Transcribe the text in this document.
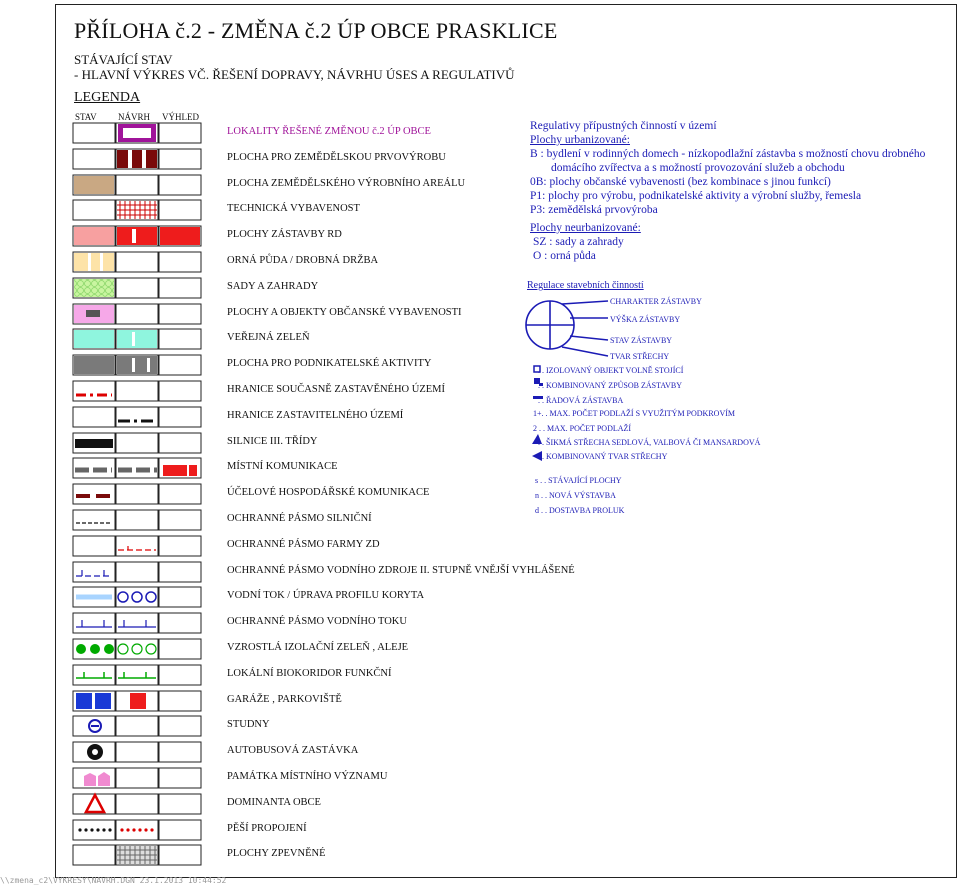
PŘÍLOHA č.2 - ZMĚNA č.2 ÚP OBCE PRASKLICE
STÁVAJÍCÍ STAV
- HLAVNÍ VÝKRES VČ. ŘEŠENÍ DOPRAVY, NÁVRHU ÚSES A REGULATIVŮ
LEGENDA
STAV NÁVRH VÝHLED
LOKALITY ŘEŠENÉ ZMĚNOU č.2 ÚP OBCE
PLOCHA PRO ZEMĚDĚLSKOU PRVOVÝROBU
PLOCHA ZEMĚDĚLSKÉHO VÝROBNÍHO AREÁLU
TECHNICKÁ VYBAVENOST
PLOCHY ZÁSTAVBY RD
ORNÁ PŮDA / DROBNÁ DRŽBA
SADY A ZAHRADY
PLOCHY A OBJEKTY OBČANSKÉ VYBAVENOSTI
VEŘEJNÁ ZELEŇ
PLOCHA PRO PODNIKATELSKÉ AKTIVITY
HRANICE SOUČASNĚ ZASTAVĚNÉHO ÚZEMÍ
HRANICE ZASTAVITELNÉHO ÚZEMÍ
SILNICE III. TŘÍDY
MÍSTNÍ KOMUNIKACE
ÚČELOVÉ HOSPODÁŘSKÉ KOMUNIKACE
OCHRANNÉ PÁSMO SILNIČNÍ
OCHRANNÉ PÁSMO FARMY ZD
OCHRANNÉ PÁSMO VODNÍHO ZDROJE II. STUPNĚ VNĚJŠÍ VYHLÁŠENÉ
VODNÍ TOK / ÚPRAVA PROFILU KORYTA
OCHRANNÉ PÁSMO VODNÍHO TOKU
VZROSTLÁ IZOLAČNÍ ZELEŇ , ALEJE
LOKÁLNÍ BIOKORIDOR FUNKČNÍ
GARÁŽE , PARKOVIŠTĚ
STUDNY
AUTOBUSOVÁ ZASTÁVKA
PAMÁTKA MÍSTNÍHO VÝZNAMU
DOMINANTA OBCE
PĚŠÍ PROPOJENÍ
PLOCHY ZPEVNĚNÉ
Regulativy přípustných činností v území
Plochy urbanizované:
B : bydlení v rodinných domech - nízkopodlažní zástavba s možností chovu drobného
domácího zvířectva a s možností provozování služeb a obchodu
0B: plochy občanské vybavenosti (bez kombinace s jinou funkcí)
P1: plochy pro výrobu, podnikatelské aktivity a výrobní služby, řemesla
P3: zemědělská prvovýroba
Plochy neurbanizované:
SZ : sady a zahrady
O : orná půda
Regulace stavebních činností
CHARAKTER ZÁSTAVBY
VÝŠKA ZÁSTAVBY
STAV ZÁSTAVBY
TVAR STŘECHY
. . IZOLOVANÝ OBJEKT VOLNĚ STOJÍCÍ
. . KOMBINOVANÝ ZPŮSOB ZÁSTAVBY
. . ŘADOVÁ ZÁSTAVBA
1+. . MAX. POČET PODLAŽÍ S VYUŽITÝM PODKROVÍM
2 . . MAX. POČET PODLAŽÍ
. . ŠIKMÁ STŘECHA SEDLOVÁ, VALBOVÁ ČI MANSARDOVÁ
. . KOMBINOVANÝ TVAR STŘECHY
s . . STÁVAJÍCÍ PLOCHY
n . . NOVÁ VÝSTAVBA
d . . DOSTAVBA PROLUK
\\zmena_c2\VYKRESY\NAVRH.DGN 23.1.2013 10:44:52
